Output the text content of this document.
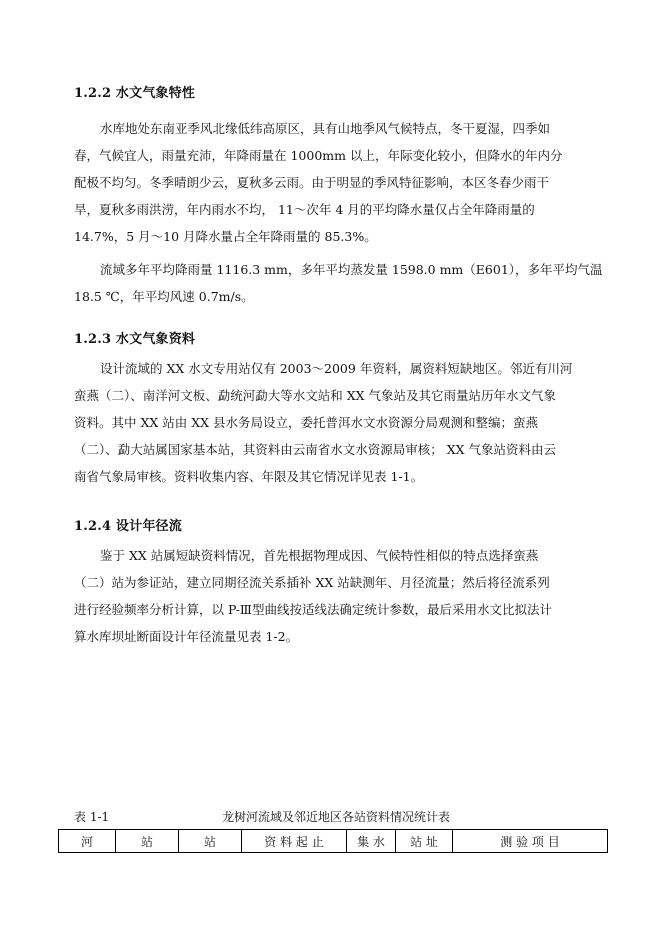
1.2.2 水文气象特性
水库地处东南亚季风北缘低纬高原区，具有山地季风气候特点，冬干夏湿，四季如
春，气候宜人，雨量充沛，年降雨量在 1000mm 以上，年际变化较小，但降水的年内分
配极不均匀。冬季晴朗少云，夏秋多云雨。由于明显的季风特征影响，本区冬春少雨干
旱，夏秋多雨洪涝，年内雨水不均， 11～次年 4 月的平均降水量仅占全年降雨量的
14.7%，5 月～10 月降水量占全年降雨量的 85.3%。
流域多年平均降雨量 1116.3 mm，多年平均蒸发量 1598.0 mm（E601），多年平均气温
18.5 ℃，年平均风速 0.7m/s。
1.2.3 水文气象资料
设计流域的 XX 水文专用站仅有 2003～2009 年资料，属资料短缺地区。邻近有川河
蛮燕（二）、南洋河文板、勐统河勐大等水文站和 XX 气象站及其它雨量站历年水文气象
资料。其中 XX 站由 XX 县水务局设立，委托普洱水文水资源分局观测和整编；蛮燕
（二）、勐大站属国家基本站，其资料由云南省水文水资源局审核； XX 气象站资料由云
南省气象局审核。资料收集内容、年限及其它情况详见表 1-1。
1.2.4 设计年径流
鉴于 XX 站属短缺资料情况，首先根据物理成因、气候特性相似的特点选择蛮燕
（二）站为参证站，建立同期径流关系插补 XX 站缺测年、月径流量；然后将径流系列
进行经验频率分析计算，以 P-Ⅲ型曲线按适线法确定统计参数，最后采用水文比拟法计
算水库坝址断面设计年径流量见表 1-2。
表 1-1	龙树河流域及邻近地区各站资料情况统计表
河	站	站	资 料 起 止	集 水	站 址	测 验 项 目
